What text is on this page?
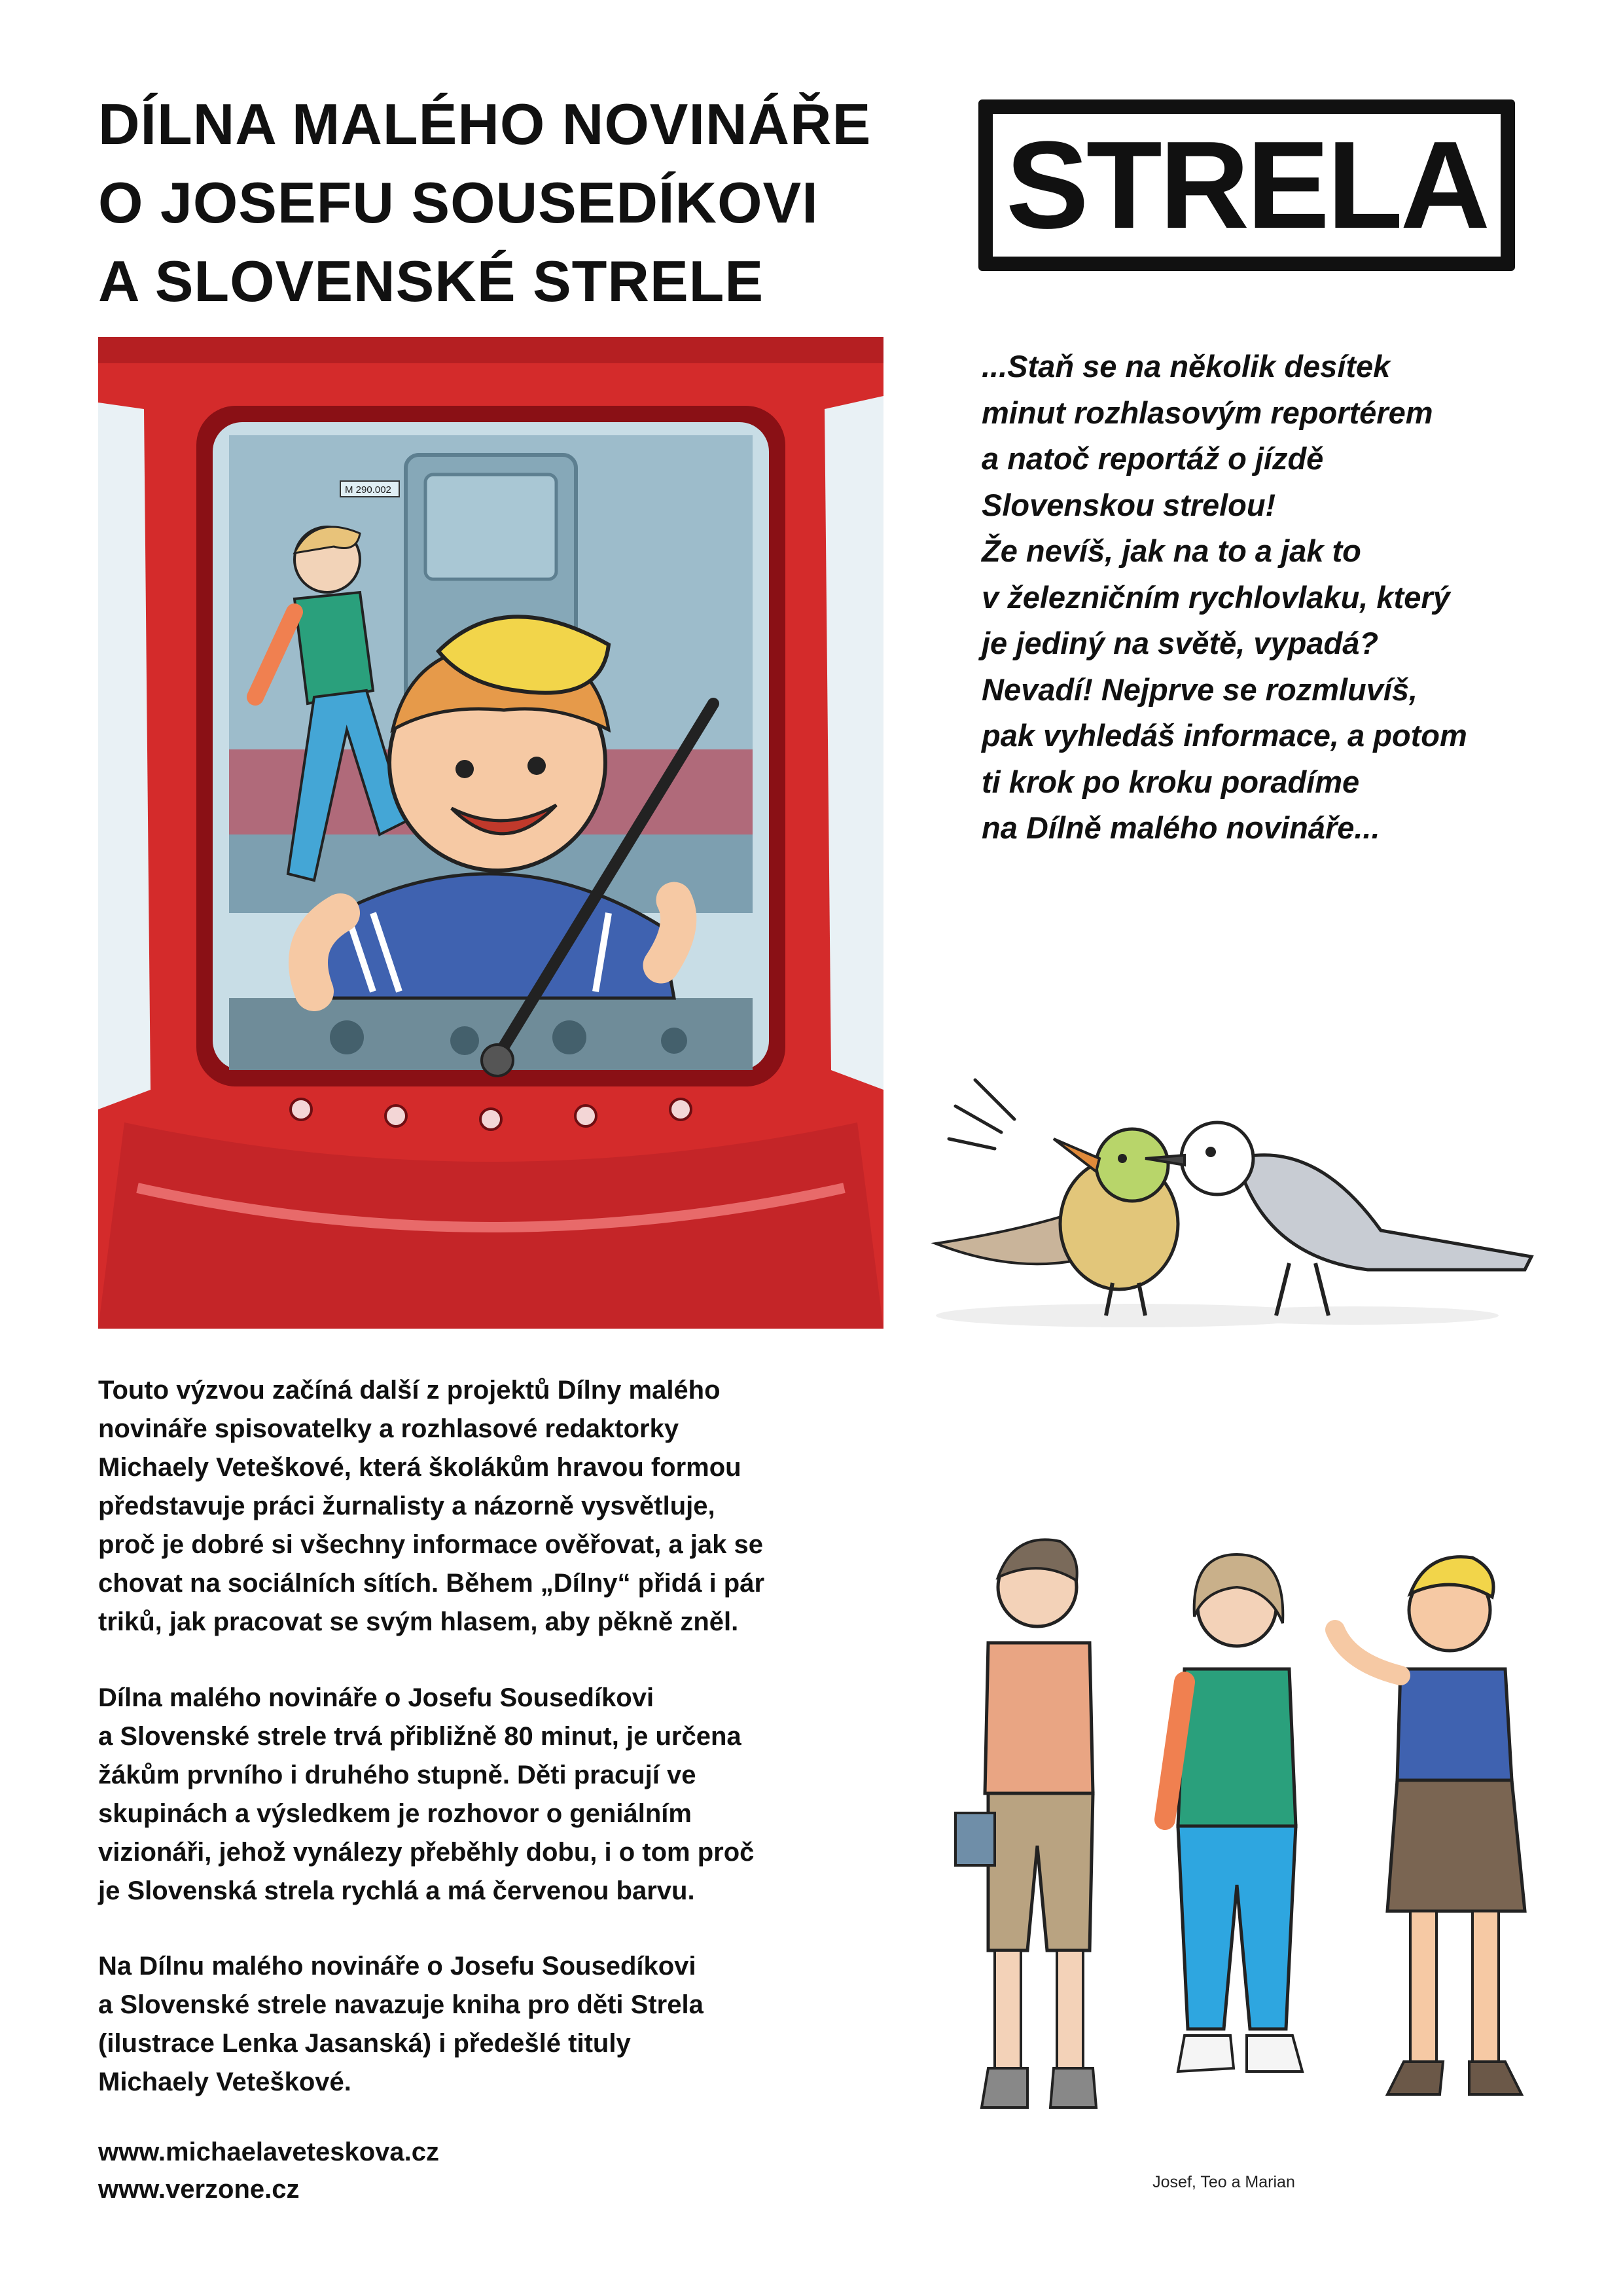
DÍLNA MALÉHO NOVINÁŘE
O JOSEFU SOUSEDÍKOVI
A SLOVENSKÉ STRELE
STRELA
M 290.002

...Staň se na několik desítek
minut rozhlasovým reportérem
a natoč reportáž o jízdě
Slovenskou strelou!
Že nevíš, jak na to a jak to
v železničním rychlovlaku, který
je jediný na světě, vypadá?
Nevadí! Nejprve se rozmluvíš,
pak vyhledáš informace, a potom
ti krok po kroku poradíme
na Dílně malého novináře...

Touto výzvou začíná další z projektů Dílny malého
novináře spisovatelky a rozhlasové redaktorky
Michaely Veteškové, která školákům hravou formou
představuje práci žurnalisty a názorně vysvětluje,
proč je dobré si všechny informace ověřovat, a jak se
chovat na sociálních sítích. Během „Dílny“ přidá i pár
triků, jak pracovat se svým hlasem, aby pěkně zněl.

Dílna malého novináře o Josefu Sousedíkovi
a Slovenské strele trvá přibližně 80 minut, je určena
žákům prvního i druhého stupně. Děti pracují ve
skupinách a výsledkem je rozhovor o geniálním
vizionáři, jehož vynálezy přeběhly dobu, i o tom proč
je Slovenská strela rychlá a má červenou barvu.

Na Dílnu malého novináře o Josefu Sousedíkovi
a Slovenské strele navazuje kniha pro děti Strela
(ilustrace Lenka Jasanská) i předešlé tituly
Michaely Veteškové.

www.michaelaveteskova.cz
www.verzone.cz	Josef, Teo a Marian
